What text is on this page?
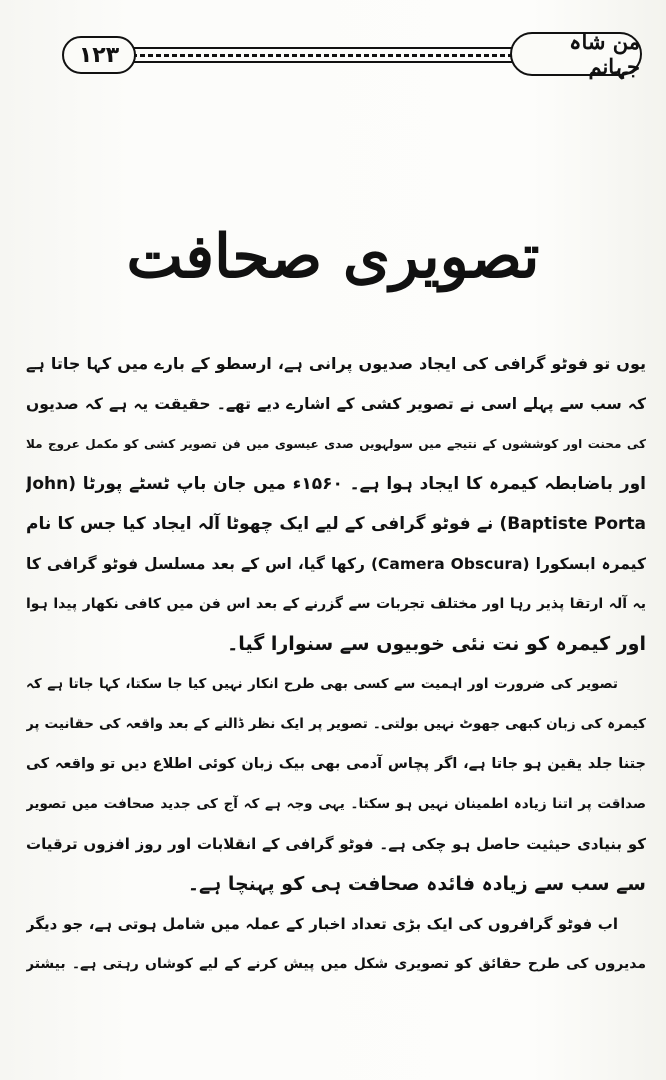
۱۲۳
من شاہ جہانم
تصویری صحافت
یوں تو فوٹو گرافی کی ایجاد صدیوں پرانی ہے، ارسطو کے بارے میں کہا جاتا ہے
کہ سب سے پہلے اسی نے تصویر کشی کے اشارے دیے تھے۔ حقیقت یہ ہے کہ صدیوں
کی محنت اور کوششوں کے نتیجے میں سولہویں صدی عیسوی میں فن تصویر کشی کو مکمل عروج ملا
اور باضابطہ کیمرہ کا ایجاد ہوا ہے۔ ۱۵۶۰ء میں جان باپ ٹسٹے پورٹا (John
Baptiste Porta) نے فوٹو گرافی کے لیے ایک چھوٹا آلہ ایجاد کیا جس کا نام
کیمرہ ابسکورا (Camera Obscura) رکھا گیا، اس کے بعد مسلسل فوٹو گرافی کا
یہ آلہ ارتقا پذیر رہا اور مختلف تجربات سے گزرنے کے بعد اس فن میں کافی نکھار پیدا ہوا
اور کیمرہ کو نت نئی خوبیوں سے سنوارا گیا۔
تصویر کی ضرورت اور اہمیت سے کسی بھی طرح انکار نہیں کیا جا سکتا، کہا جاتا ہے کہ
کیمرہ کی زبان کبھی جھوٹ نہیں بولتی۔ تصویر پر ایک نظر ڈالنے کے بعد واقعہ کی حقانیت پر
جتنا جلد یقین ہو جاتا ہے، اگر پچاس آدمی بھی بیک زبان کوئی اطلاع دیں تو واقعہ کی
صداقت پر اتنا زیادہ اطمینان نہیں ہو سکتا۔ یہی وجہ ہے کہ آج کی جدید صحافت میں تصویر
کو بنیادی حیثیت حاصل ہو چکی ہے۔ فوٹو گرافی کے انقلابات اور روز افزوں ترقیات
سے سب سے زیادہ فائدہ صحافت ہی کو پہنچا ہے۔
اب فوٹو گرافروں کی ایک بڑی تعداد اخبار کے عملہ میں شامل ہوتی ہے، جو دیگر
مدیروں کی طرح حقائق کو تصویری شکل میں پیش کرنے کے لیے کوشاں رہتی ہے۔ بیشتر
